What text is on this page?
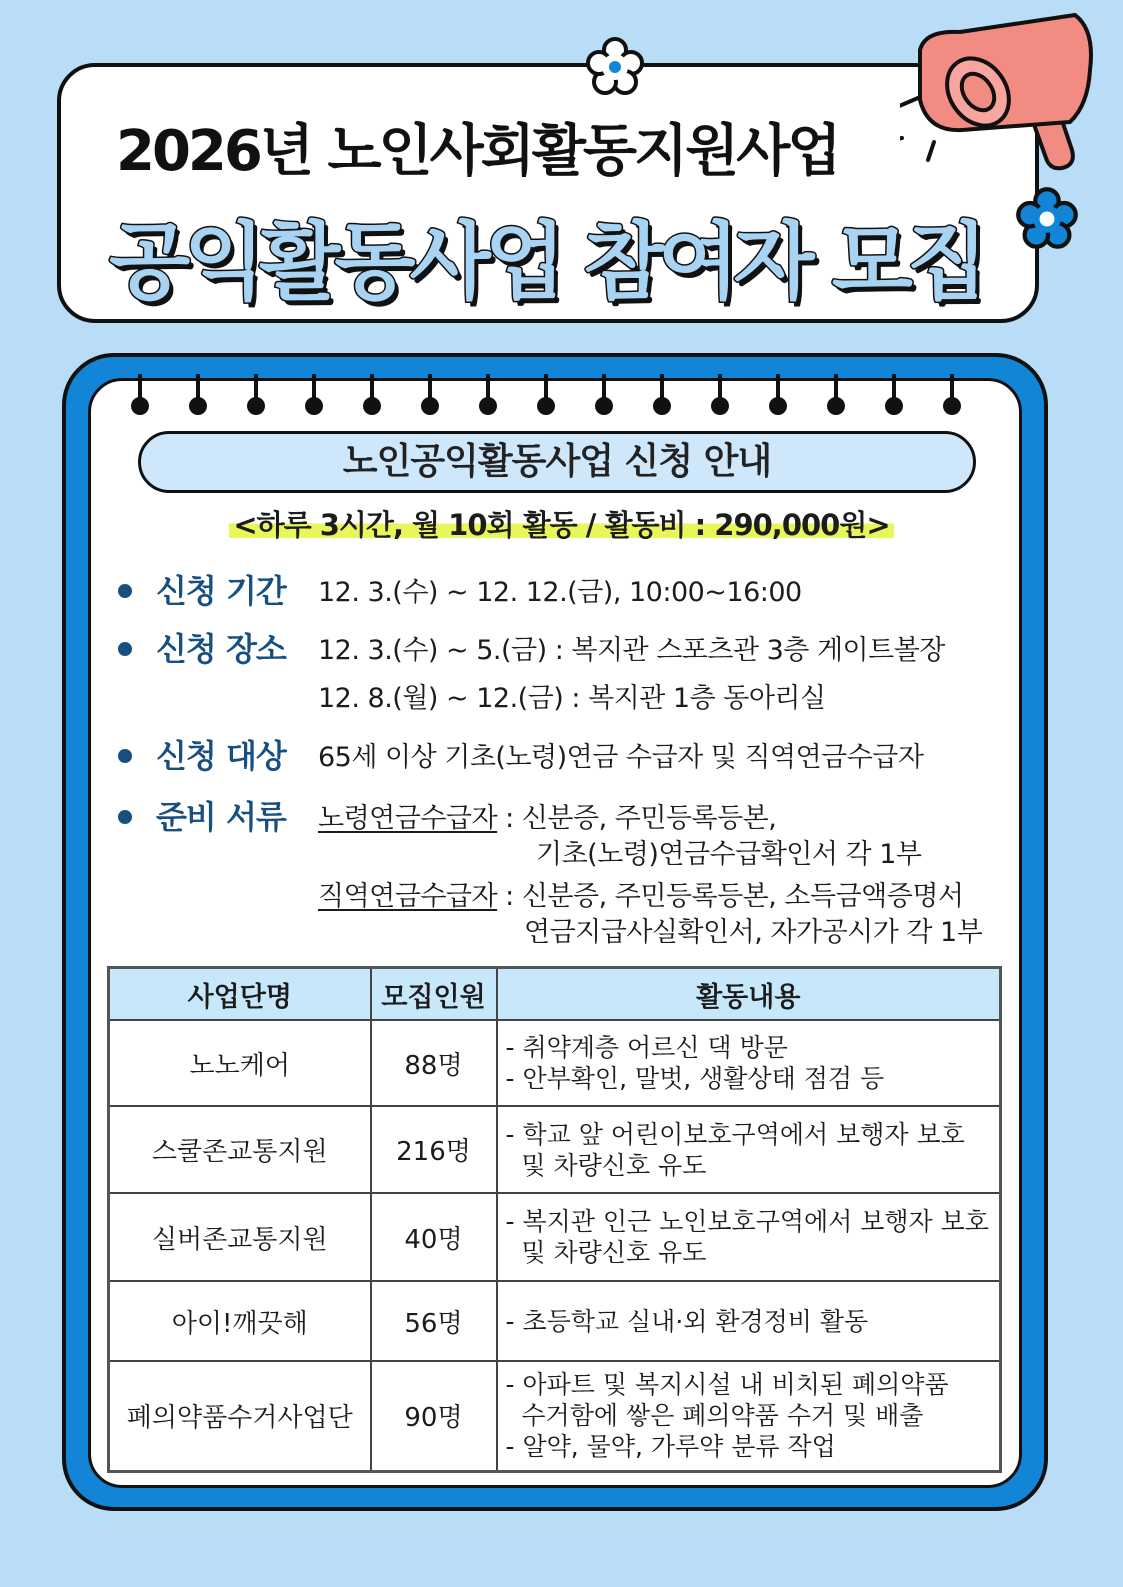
2026년 노인사회활동지원사업
공익활동사업 참여자 모집
노인공익활동사업 신청 안내
<하루 3시간, 월 10회 활동 / 활동비 : 290,000원>
신청 기간 12. 3.(수) ~ 12. 12.(금), 10:00~16:00
신청 장소 12. 3.(수) ~ 5.(금) : 복지관 스포츠관 3층 게이트볼장
12. 8.(월) ~ 12.(금) : 복지관 1층 동아리실
신청 대상 65세 이상 기초(노령)연금 수급자 및 직역연금수급자
준비 서류 노령연금수급자 : 신분증, 주민등록등본,
기초(노령)연금수급확인서 각 1부
직역연금수급자 : 신분증, 주민등록등본, 소득금액증명서
연금지급사실확인서, 자가공시가 각 1부
사업단명	모집인원	활동내용
노노케어	88명	- 취약계층 어르신 댁 방문
- 안부확인, 말벗, 생활상태 점검 등

스쿨존교통지원	216명	- 학교 앞 어린이보호구역에서 보행자 보호
및 차량신호 유도

실버존교통지원	40명	- 복지관 인근 노인보호구역에서 보행자 보호
및 차량신호 유도

아이!깨끗해	56명	- 초등학교 실내·외 환경정비 활동

폐의약품수거사업단	90명	- 아파트 및 복지시설 내 비치된 폐의약품
수거함에 쌓은 폐의약품 수거 및 배출
- 알약, 물약, 가루약 분류 작업
